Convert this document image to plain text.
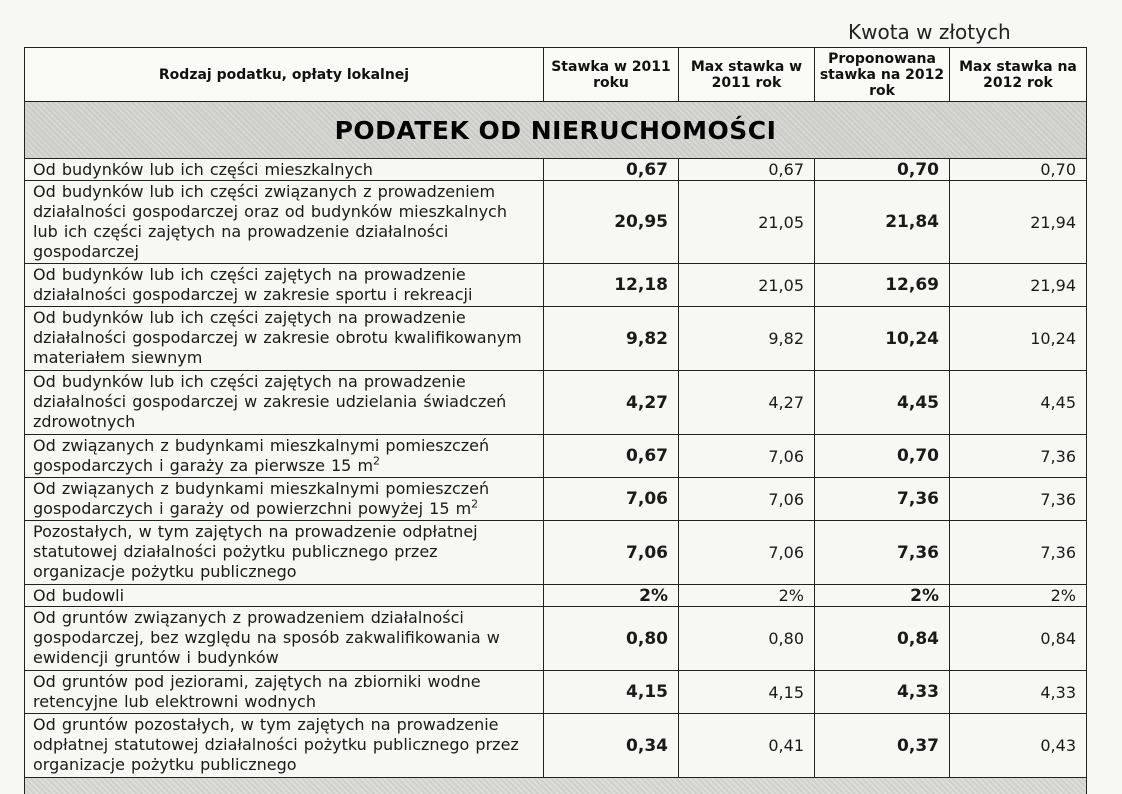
Kwota w złotych
Rodzaj podatku, opłaty lokalnej	Stawka w 2011 roku	Max stawka w 2011 rok	Proponowana stawka na 2012 rok	Max stawka na 2012 rok
PODATEK OD NIERUCHOMOŚCI				
Od budynków lub ich części mieszkalnych	0,67	0,67	0,70	0,70
Od budynków lub ich części związanych z prowadzeniem działalności gospodarczej oraz od budynków mieszkalnych lub ich części zajętych na prowadzenie działalności gospodarczej	20,95	21,05	21,84	21,94
Od budynków lub ich części zajętych na prowadzenie działalności gospodarczej w zakresie sportu i rekreacji	12,18	21,05	12,69	21,94
Od budynków lub ich części zajętych na prowadzenie działalności gospodarczej w zakresie obrotu kwalifikowanym materiałem siewnym	9,82	9,82	10,24	10,24
Od budynków lub ich części zajętych na prowadzenie działalności gospodarczej w zakresie udzielania świadczeń zdrowotnych	4,27	4,27	4,45	4,45
Od związanych z budynkami mieszkalnymi pomieszczeń gospodarczych i garaży za pierwsze 15 $m^2$	0,67	7,06	0,70	7,36
Od związanych z budynkami mieszkalnymi pomieszczeń gospodarczych i garaży od powierzchni powyżej 15 $m^2$	7,06	7,06	7,36	7,36
Pozostałych, w tym zajętych na prowadzenie odpłatnej statutowej działalności pożytku publicznego przez organizacje pożytku publicznego	7,06	7,06	7,36	7,36
Od budowli	2%	2%	2%	2%
Od gruntów związanych z prowadzeniem działalności gospodarczej, bez względu na sposób zakwalifikowania w ewidencji gruntów i budynków	0,80	0,80	0,84	0,84
Od gruntów pod jeziorami, zajętych na zbiorniki wodne retencyjne lub elektrowni wodnych	4,15	4,15	4,33	4,33
Od gruntów pozostałych, w tym zajętych na prowadzenie odpłatnej statutowej działalności pożytku publicznego przez organizacje pożytku publicznego	0,34	0,41	0,37	0,43
